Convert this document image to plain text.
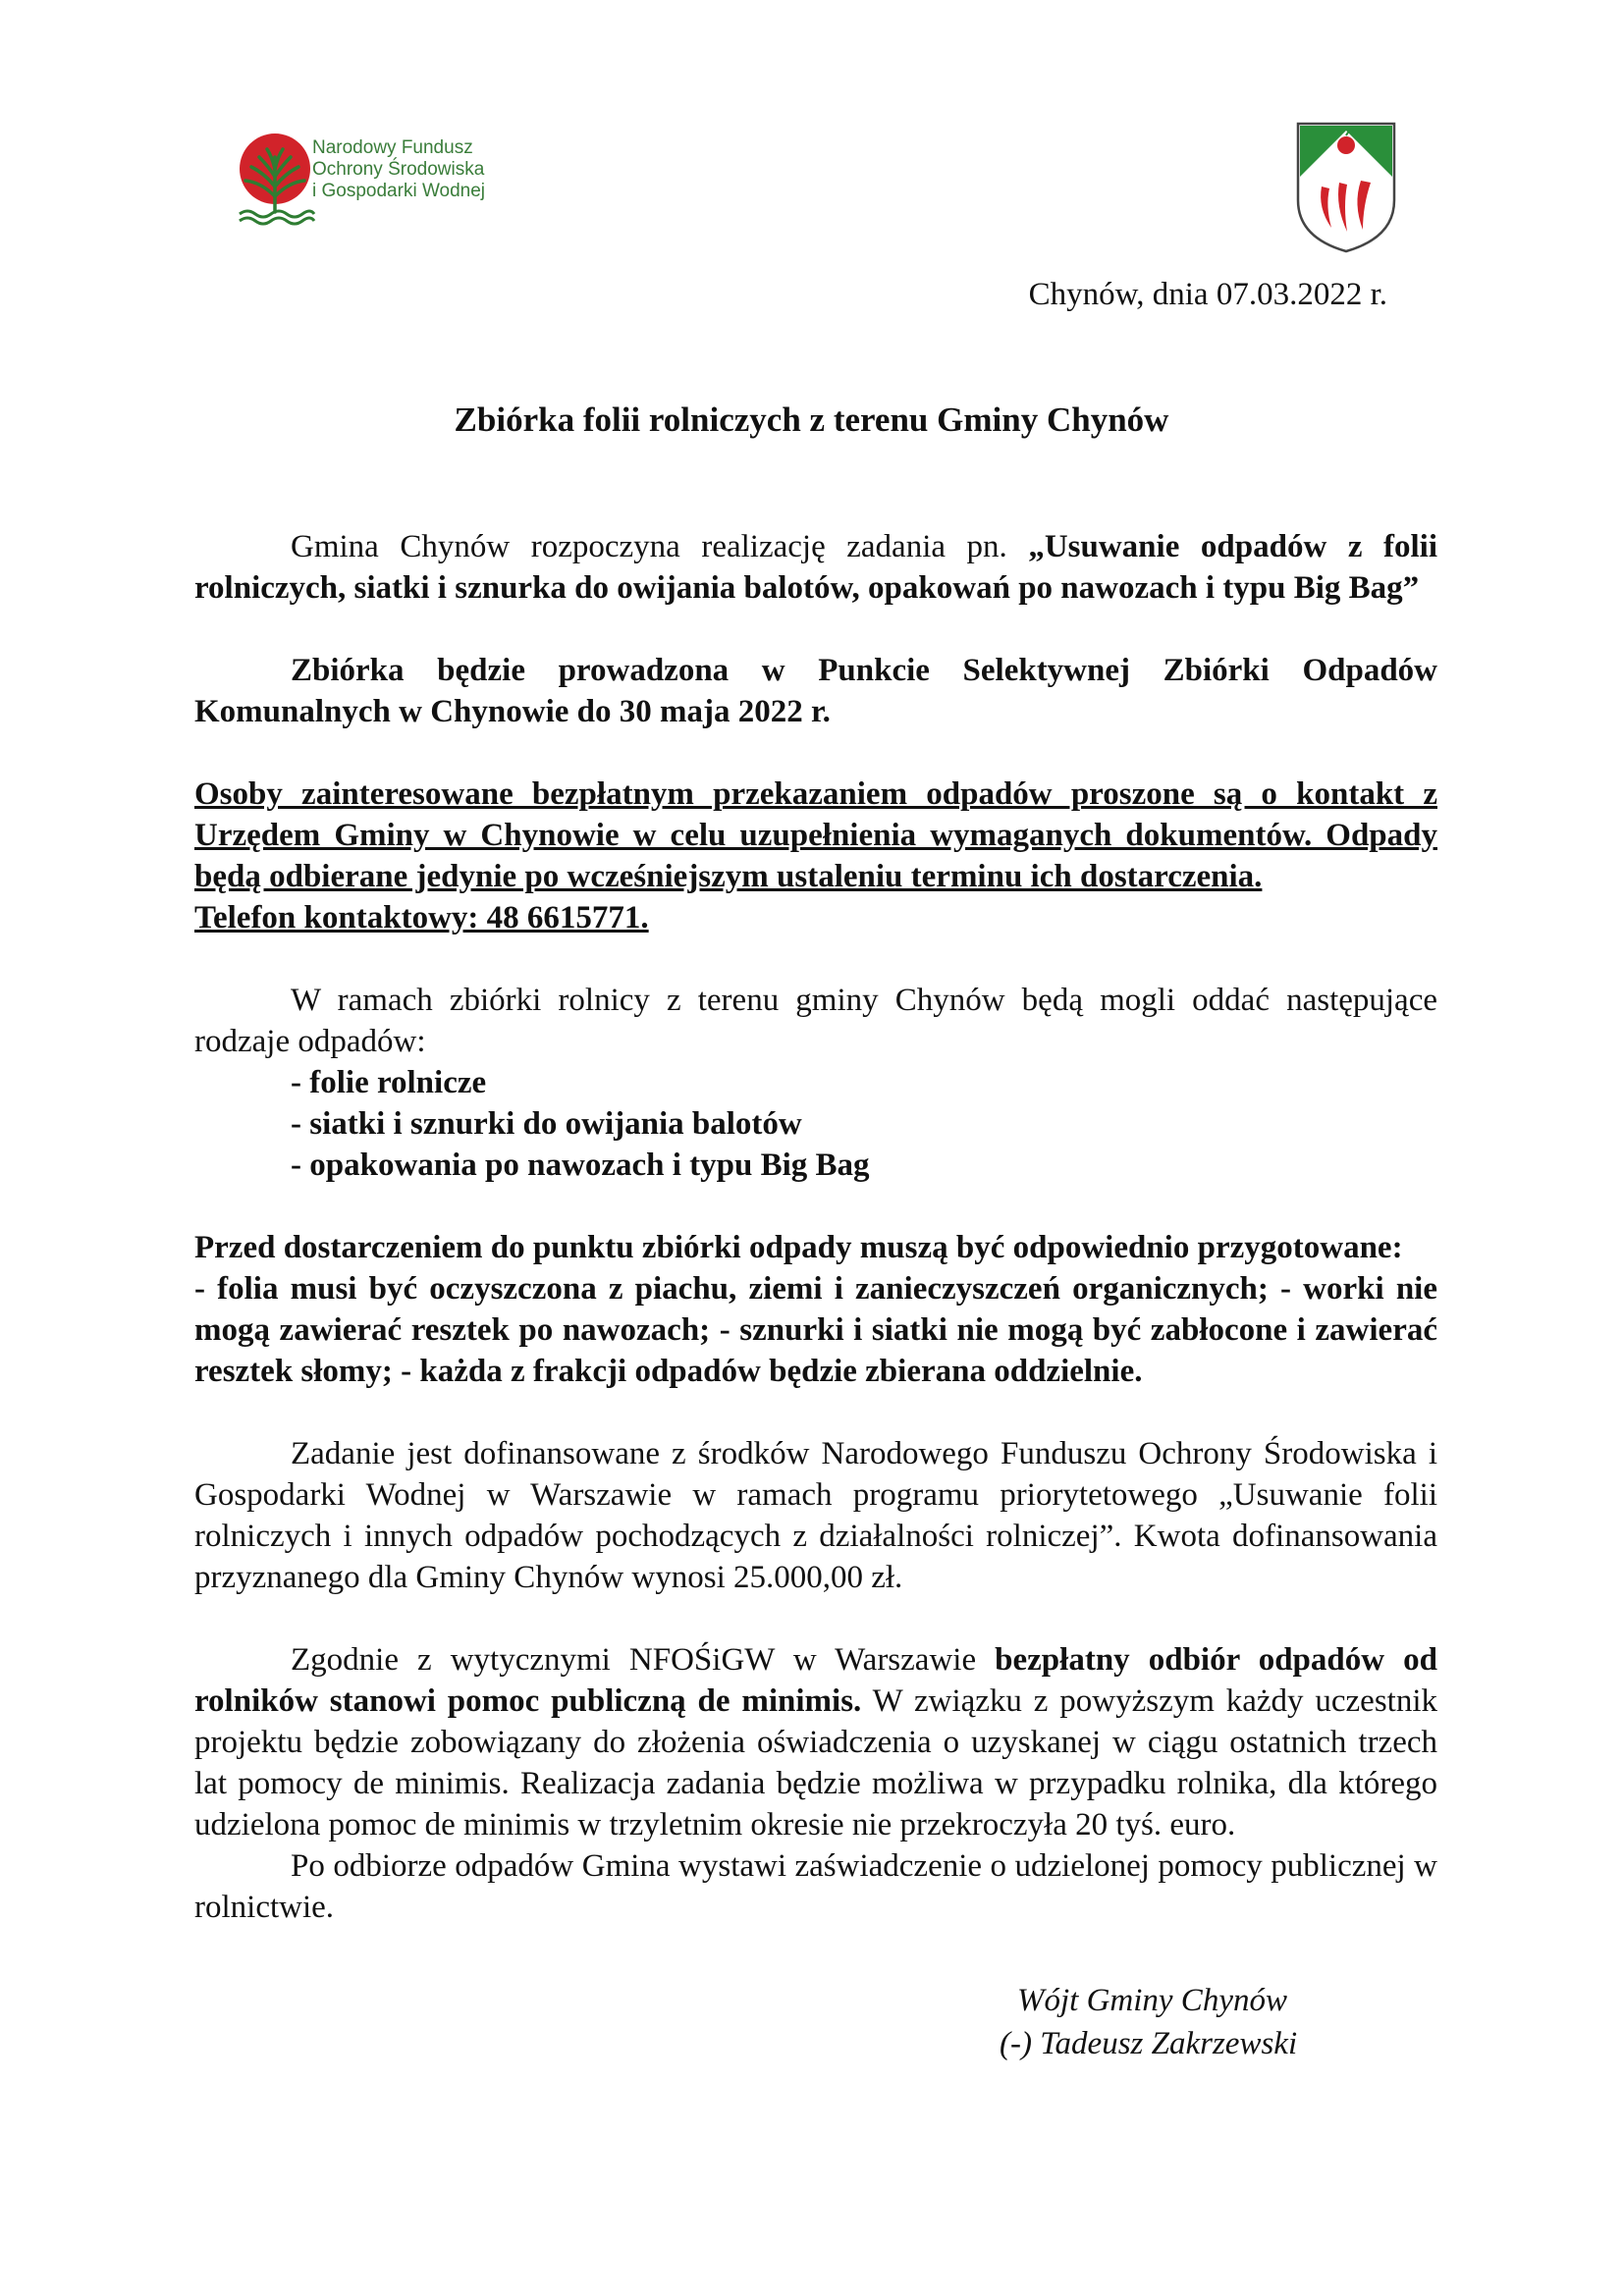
Narodowy Fundusz
Ochrony Środowiska
i Gospodarki Wodnej
Chynów, dnia 07.03.2022 r.
Zbiórka folii rolniczych z terenu Gminy Chynów

Gmina Chynów rozpoczyna realizację zadania pn. „Usuwanie odpadów z folii rolniczych, siatki i sznurka do owijania balotów, opakowań po nawozach i typu Big Bag”

Zbiórka będzie prowadzona w Punkcie Selektywnej Zbiórki Odpadów Komunalnych w Chynowie do 30 maja 2022 r.

Osoby zainteresowane bezpłatnym przekazaniem odpadów proszone są o kontakt z Urzędem Gminy w Chynowie w celu uzupełnienia wymaganych dokumentów. Odpady będą odbierane jedynie po wcześniejszym ustaleniu terminu ich dostarczenia.
Telefon kontaktowy: 48 6615771.

W ramach zbiórki rolnicy z terenu gminy Chynów będą mogli oddać następujące rodzaje odpadów:

- folie rolnicze
- siatki i sznurki do owijania balotów
- opakowania po nawozach i typu Big Bag

Przed dostarczeniem do punktu zbiórki odpady muszą być odpowiednio przygotowane:
- folia musi być oczyszczona z piachu, ziemi i zanieczyszczeń organicznych; - worki nie mogą zawierać resztek po nawozach; - sznurki i siatki nie mogą być zabłocone i zawierać resztek słomy; - każda z frakcji odpadów będzie zbierana oddzielnie.

Zadanie jest dofinansowane z środków Narodowego Funduszu Ochrony Środowiska i Gospodarki Wodnej w Warszawie w ramach programu priorytetowego „Usuwanie folii rolniczych i innych odpadów pochodzących z działalności rolniczej”. Kwota dofinansowania przyznanego dla Gminy Chynów wynosi 25.000,00 zł.

Zgodnie z wytycznymi NFOŚiGW w Warszawie bezpłatny odbiór odpadów od rolników stanowi pomoc publiczną de minimis. W związku z powyższym każdy uczestnik projektu będzie zobowiązany do złożenia oświadczenia o uzyskanej w ciągu ostatnich trzech lat pomocy de minimis. Realizacja zadania będzie możliwa w przypadku rolnika, dla którego udzielona pomoc de minimis w trzyletnim okresie nie przekroczyła 20 tyś. euro.

Po odbiorze odpadów Gmina wystawi zaświadczenie o udzielonej pomocy publicznej w rolnictwie.

Wójt Gminy Chynów
(-) Tadeusz Zakrzewski
